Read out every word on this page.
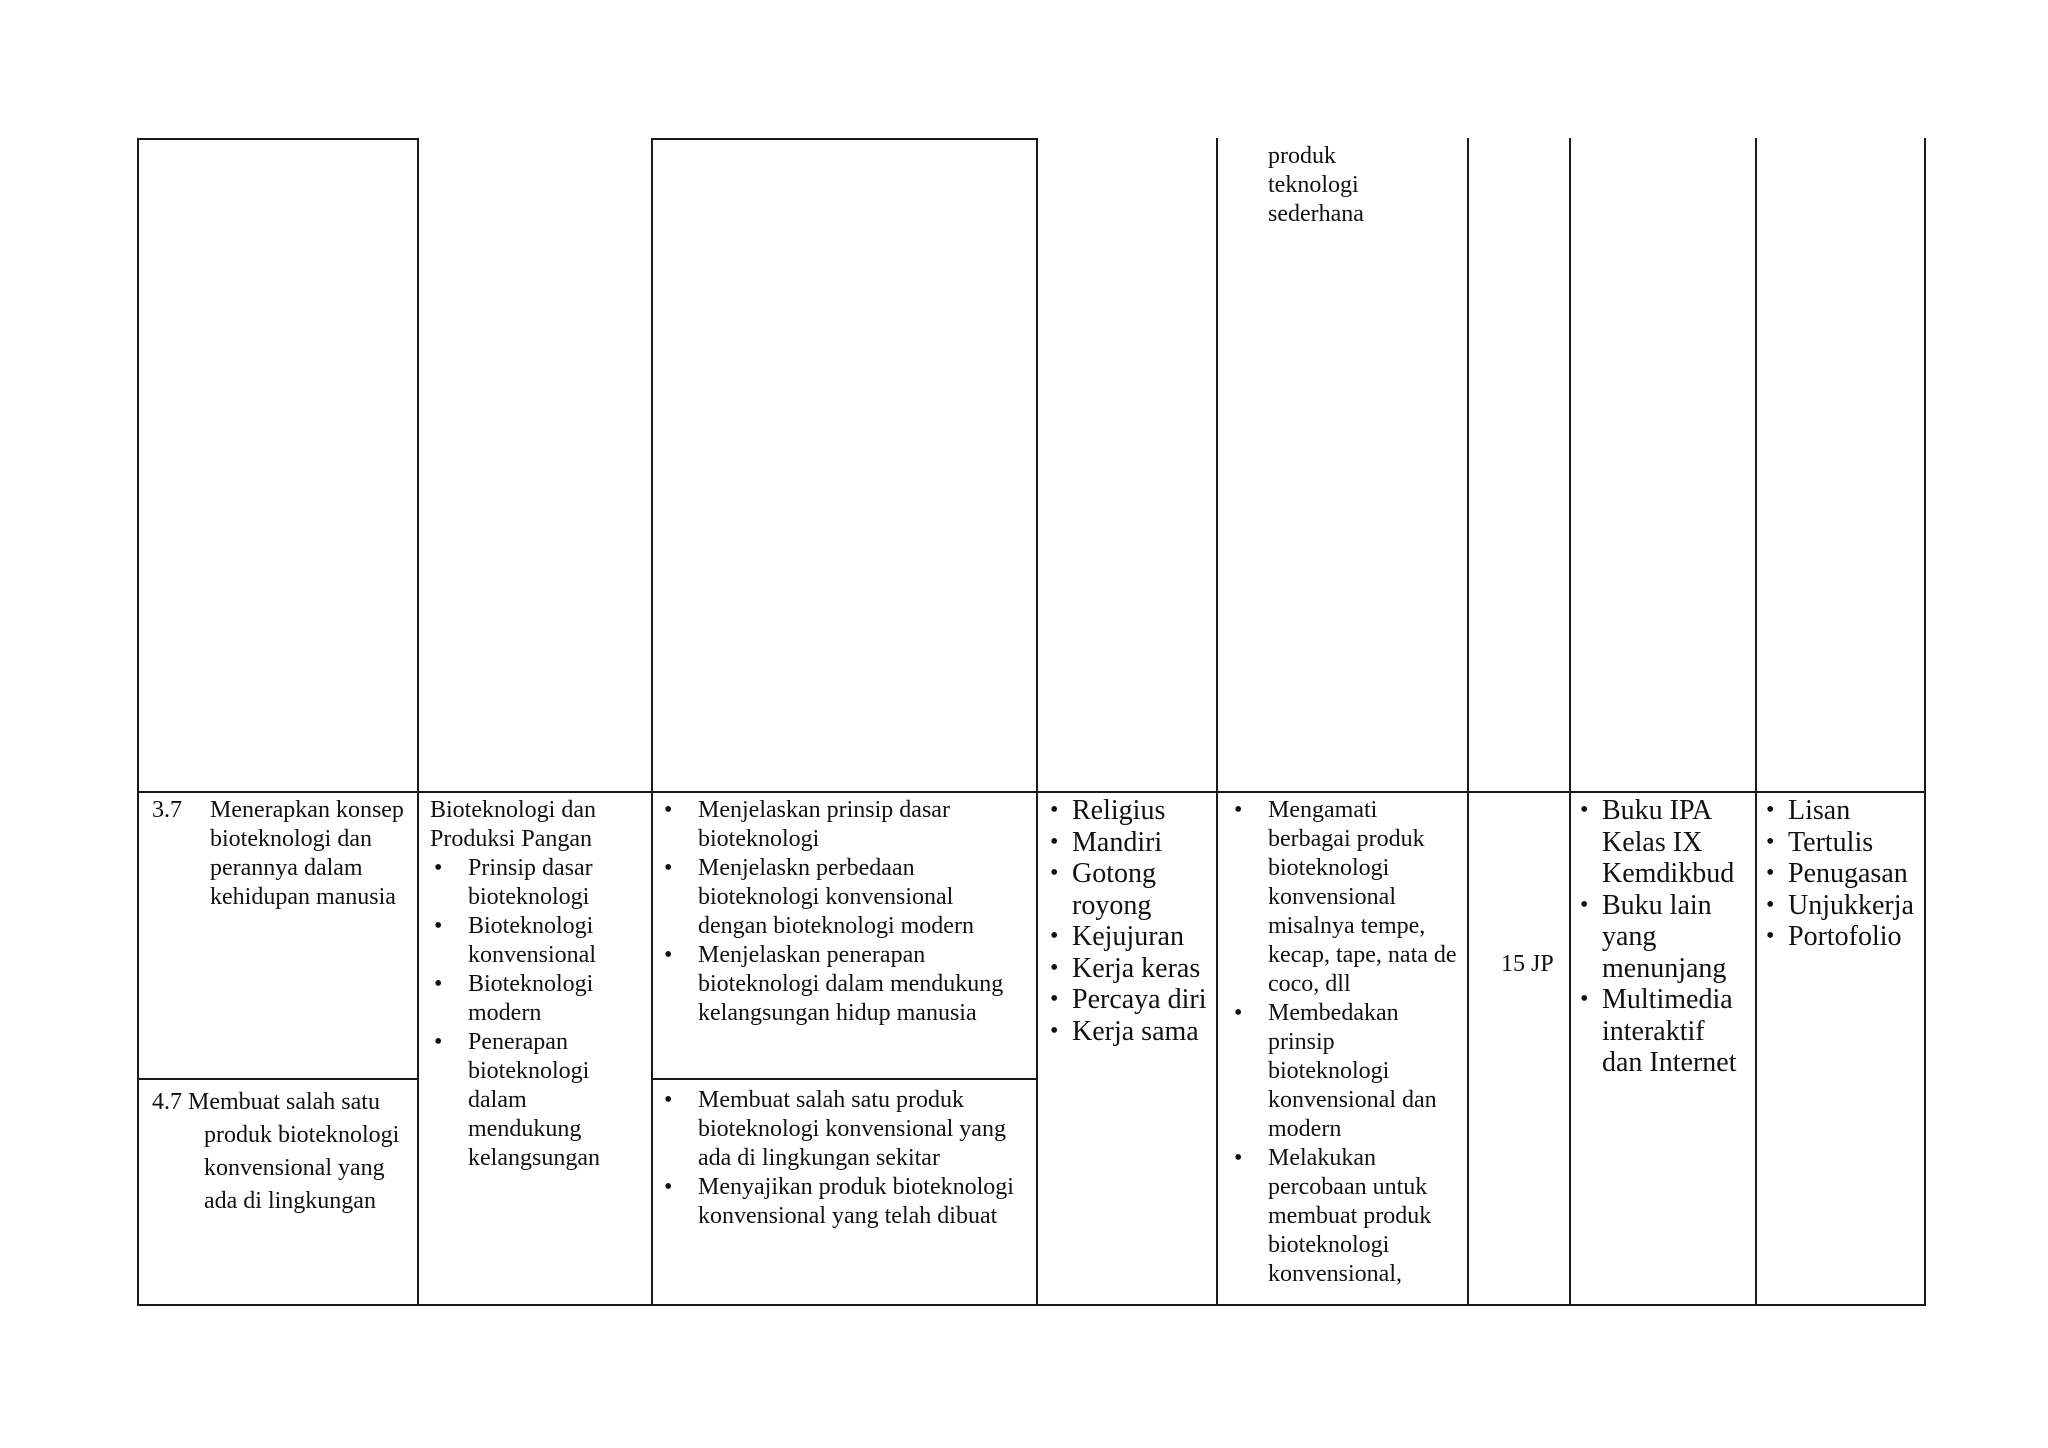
produk teknologi sederhana
3.7 Menerapkan konsep bioteknologi dan perannya dalam kehidupan manusia
4.7 Membuat salah satu
produk bioteknologi konvensional yang ada di lingkungan
Bioteknologi dan Produksi Pangan
• Prinsip dasar bioteknologi
• Bioteknologi konvensional
• Bioteknologi modern
• Penerapan bioteknologi dalam mendukung kelangsungan
• Menjelaskan prinsip dasar bioteknologi
• Menjelaskn perbedaan bioteknologi konvensional dengan bioteknologi modern
• Menjelaskan penerapan bioteknologi dalam mendukung kelangsungan hidup manusia
• Membuat salah satu produk bioteknologi konvensional yang ada di lingkungan sekitar
• Menyajikan produk bioteknologi konvensional yang telah dibuat
• Religius
• Mandiri
• Gotong royong
• Kejujuran
• Kerja keras
• Percaya diri
• Kerja sama
• Mengamati berbagai produk bioteknologi konvensional misalnya tempe, kecap, tape, nata de coco, dll
• Membedakan prinsip bioteknologi konvensional dan modern
• Melakukan percobaan untuk membuat produk bioteknologi konvensional,
15 JP
• Buku IPA Kelas IX Kemdikbud
• Buku lain yang menunjang
• Multimedia interaktif dan Internet
• Lisan
• Tertulis
• Penugasan
• Unjukkerja
• Portofolio
